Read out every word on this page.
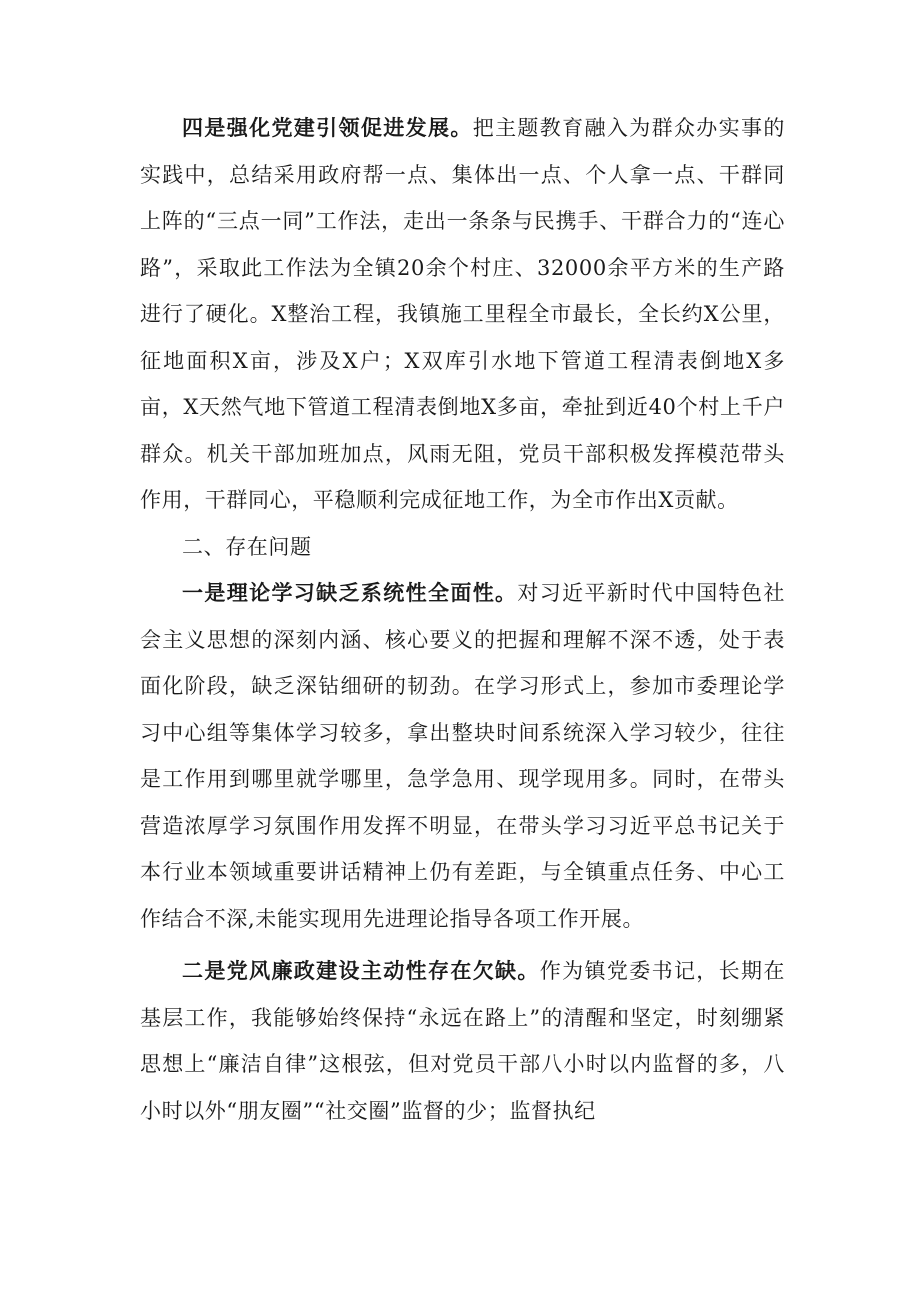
四是强化党建引领促进发展。把主题教育融入为群众办实事的实践中，总结采用政府帮一点、集体出一点、个人拿一点、干群同上阵的“三点一同”工作法，走出一条条与民携手、干群合力的“连心路”，采取此工作法为全镇20余个村庄、32000余平方米的生产路进行了硬化。X整治工程，我镇施工里程全市最长，全长约X公里，征地面积X亩，涉及X户；X双库引水地下管道工程清表倒地X多亩，X天然气地下管道工程清表倒地X多亩，牵扯到近40个村上千户群众。机关干部加班加点，风雨无阻，党员干部积极发挥模范带头作用，干群同心，平稳顺利完成征地工作，为全市作出X贡献。

二、存在问题

一是理论学习缺乏系统性全面性。对习近平新时代中国特色社会主义思想的深刻内涵、核心要义的把握和理解不深不透，处于表面化阶段，缺乏深钻细研的韧劲。在学习形式上，参加市委理论学习中心组等集体学习较多，拿出整块时间系统深入学习较少，往往是工作用到哪里就学哪里，急学急用、现学现用多。同时，在带头营造浓厚学习氛围作用发挥不明显，在带头学习习近平总书记关于本行业本领域重要讲话精神上仍有差距，与全镇重点任务、中心工作结合不深,未能实现用先进理论指导各项工作开展。

二是党风廉政建设主动性存在欠缺。作为镇党委书记，长期在基层工作，我能够始终保持“永远在路上”的清醒和坚定，时刻绷紧思想上“廉洁自律”这根弦，但对党员干部八小时以内监督的多，八小时以外“朋友圈”“社交圈”监督的少；监督执纪
